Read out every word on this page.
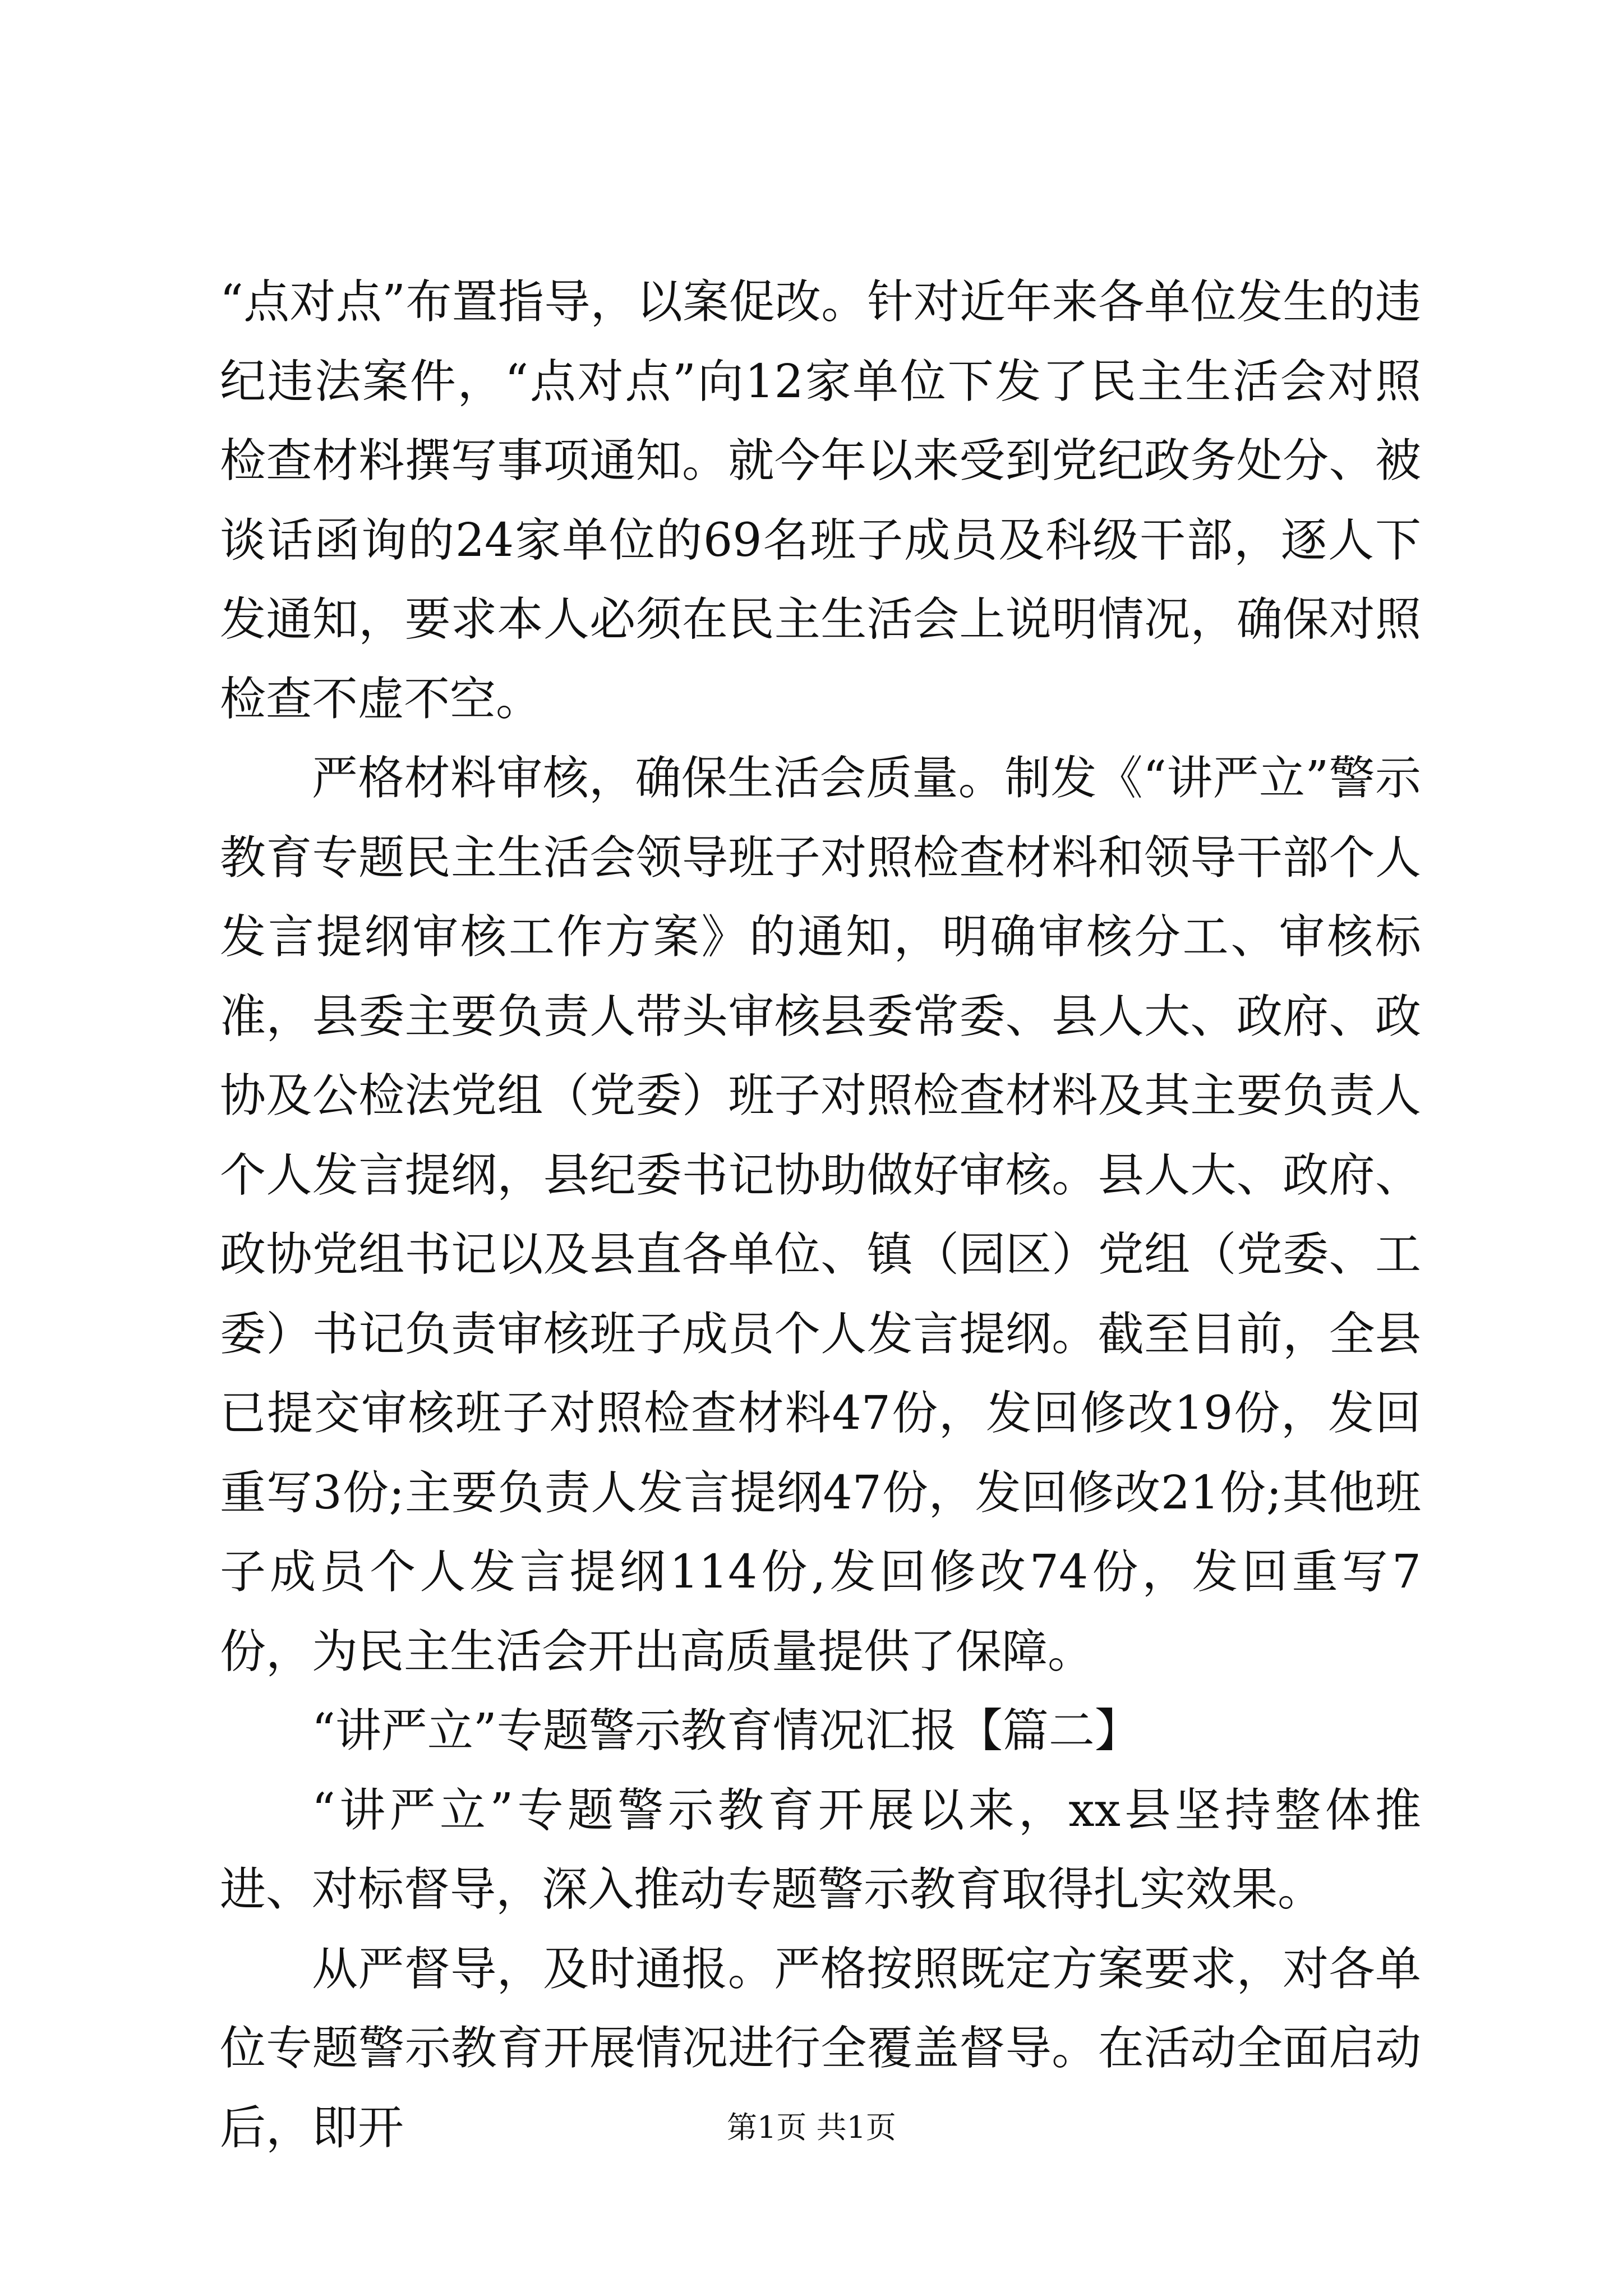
“点对点”布置指导，以案促改。针对近年来各单位发生的违纪违法案件，“点对点”向12家单位下发了民主生活会对照检查材料撰写事项通知。就今年以来受到党纪政务处分、被谈话函询的24家单位的69名班子成员及科级干部，逐人下发通知，要求本人必须在民主生活会上说明情况，确保对照检查不虚不空。

严格材料审核，确保生活会质量。制发《“讲严立”警示教育专题民主生活会领导班子对照检查材料和领导干部个人发言提纲审核工作方案》的通知，明确审核分工、审核标准，县委主要负责人带头审核县委常委、县人大、政府、政协及公检法党组（党委）班子对照检查材料及其主要负责人个人发言提纲，县纪委书记协助做好审核。县人大、政府、政协党组书记以及县直各单位、镇（园区）党组（党委、工委）书记负责审核班子成员个人发言提纲。截至目前，全县已提交审核班子对照检查材料47份，发回修改19份，发回重写3份;主要负责人发言提纲47份，发回修改21份;其他班子成员个人发言提纲114份,发回修改74份，发回重写7份，为民主生活会开出高质量提供了保障。

“讲严立”专题警示教育情况汇报【篇二】

“讲严立”专题警示教育开展以来，xx县坚持整体推进、对标督导，深入推动专题警示教育取得扎实效果。

从严督导，及时通报。严格按照既定方案要求，对各单位专题警示教育开展情况进行全覆盖督导。在活动全面启动后，即开	第1页 共1页
